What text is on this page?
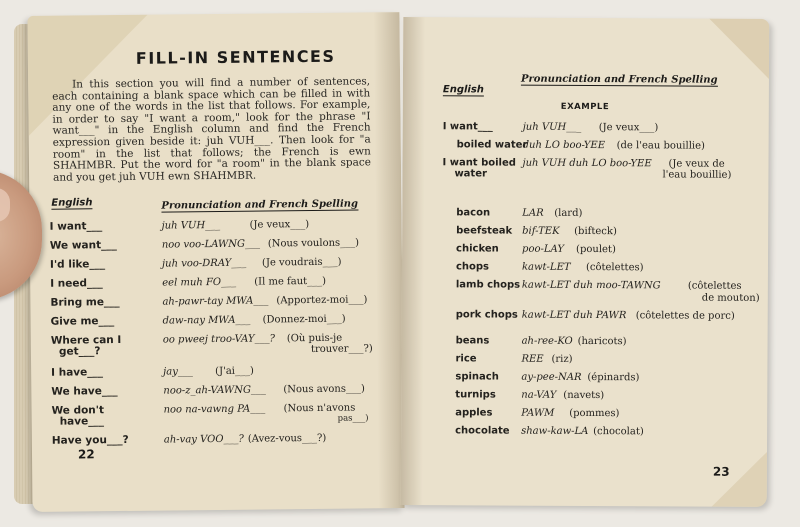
FILL-IN SENTENCES

In this section you will find a number of sentences, each containing a blank space which can be filled in with any one of the words in the list that follows. For example, in order to say "I want a room," look for the phrase "I want___" in the English column and find the French expression given beside it: juh VUH___. Then look for "a room" in the list that follows; the French is ewn SHAHMBR. Put the word for "a room" in the blank space and you get juh VUH ewn SHAHMBR.

English	Pronunciation and French Spelling
I want___	juh VUH___	(Je veux___)
We want___	noo voo-LAWNG___ (Nous voulons___)
I'd like___	juh voo-DRAY___ (Je voudrais___)
I need___	eel muh FO___ (Il me faut___)
Bring me___	ah-pawr-tay MWA___ (Apportez-moi___)
Give me___	daw-nay MWA___ (Donnez-moi___)
Where can I
get___?
oo pweej troo-VAY___? (Où puis-je
trouver___?)
I have___	jay___ (J'ai___)
We have___	noo-z_ah-VAWNG___ (Nous avons___)
We don't
have___
noo na-vawng PA___ (Nous n'avons
pas___)
Have you___?	ah-vay VOO___? (Avez-vous___?)
22
English
Pronunciation and French Spelling
EXAMPLE
I want___	juh VUH___ (Je veux___)
boiled water
duh LO boo-YEE (de l'eau bouillie)
I want boiled
water
juh VUH duh LO boo-YEE (Je veux de
l'eau bouillie)
bacon	LAR (lard)
beefsteak bif-TEK (bifteck)
chicken poo-LAY (poulet)
chops	kawt-LET (côtelettes)
lamb chops kawt-LET duh moo-TAWNG	(côtelettes
de mouton)
pork chops kawt-LET duh PAWR (côtelettes de porc)
beans	ah-ree-KO (haricots)
rice	REE (riz)
spinach ay-pee-NAR (épinards)
turnips	na-VAY (navets)
apples	PAWM (pommes)
chocolate shaw-kaw-LA (chocolat)
23
